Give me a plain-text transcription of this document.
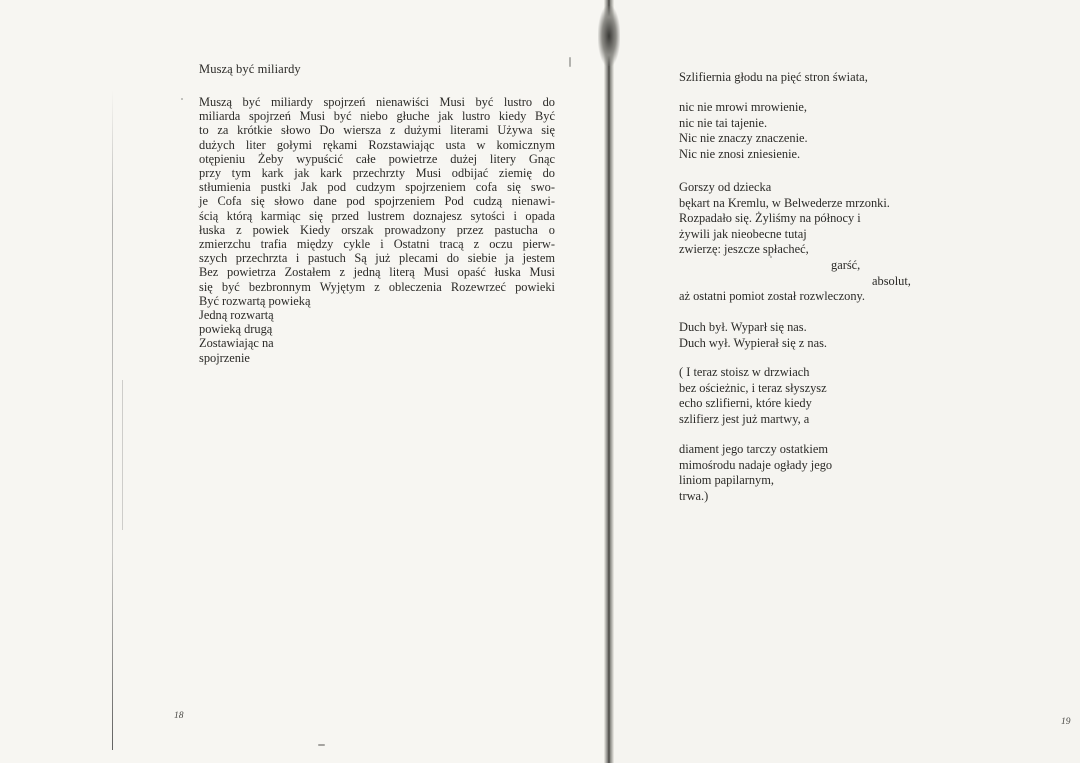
Muszą być miliardy
Muszą być miliardy spojrzeń nienawiści Musi być lustro do
miliarda spojrzeń Musi być niebo głuche jak lustro kiedy Być
to za krótkie słowo Do wiersza z dużymi literami Używa się
dużych liter gołymi rękami Rozstawiając usta w komicznym
otępieniu Żeby wypuścić całe powietrze dużej litery Gnąc
przy tym kark jak kark przechrzty Musi odbijać ziemię do
stłumienia pustki Jak pod cudzym spojrzeniem cofa się swo-
je Cofa się słowo dane pod spojrzeniem Pod cudzą nienawi-
ścią którą karmiąc się przed lustrem doznajesz sytości i opada
łuska z powiek Kiedy orszak prowadzony przez pastucha o
zmierzchu trafia między cykle i Ostatni tracą z oczu pierw-
szych przechrzta i pastuch Są już plecami do siebie ja jestem
Bez powietrza Zostałem z jedną literą Musi opaść łuska Musi
się być bezbronnym Wyjętym z obleczenia Rozewrzeć powieki
Być rozwartą powieką
Jedną rozwartą
powieką drugą
Zostawiając na
spojrzenie
18
Szlifiernia głodu na pięć stron świata,
nic nie mrowi mrowienie,
nic nie tai tajenie.
Nic nie znaczy znaczenie.
Nic nie znosi zniesienie.
Gorszy od dziecka
bękart na Kremlu, w Belwederze mrzonki.
Rozpadało się. Żyliśmy na północy i
żywili jak nieobecne tutaj
zwierzę: jeszcze spłacheć,
garść,
absolut,
aż ostatni pomiot został rozwleczony.
Duch był. Wyparł się nas.
Duch wył. Wypierał się z nas.
( I teraz stoisz w drzwiach
bez ościeżnic, i teraz słyszysz
echo szlifierni, które kiedy
szlifierz jest już martwy, a
diament jego tarczy ostatkiem
mimośrodu nadaje ogłady jego
liniom papilarnym,
trwa.)
19
